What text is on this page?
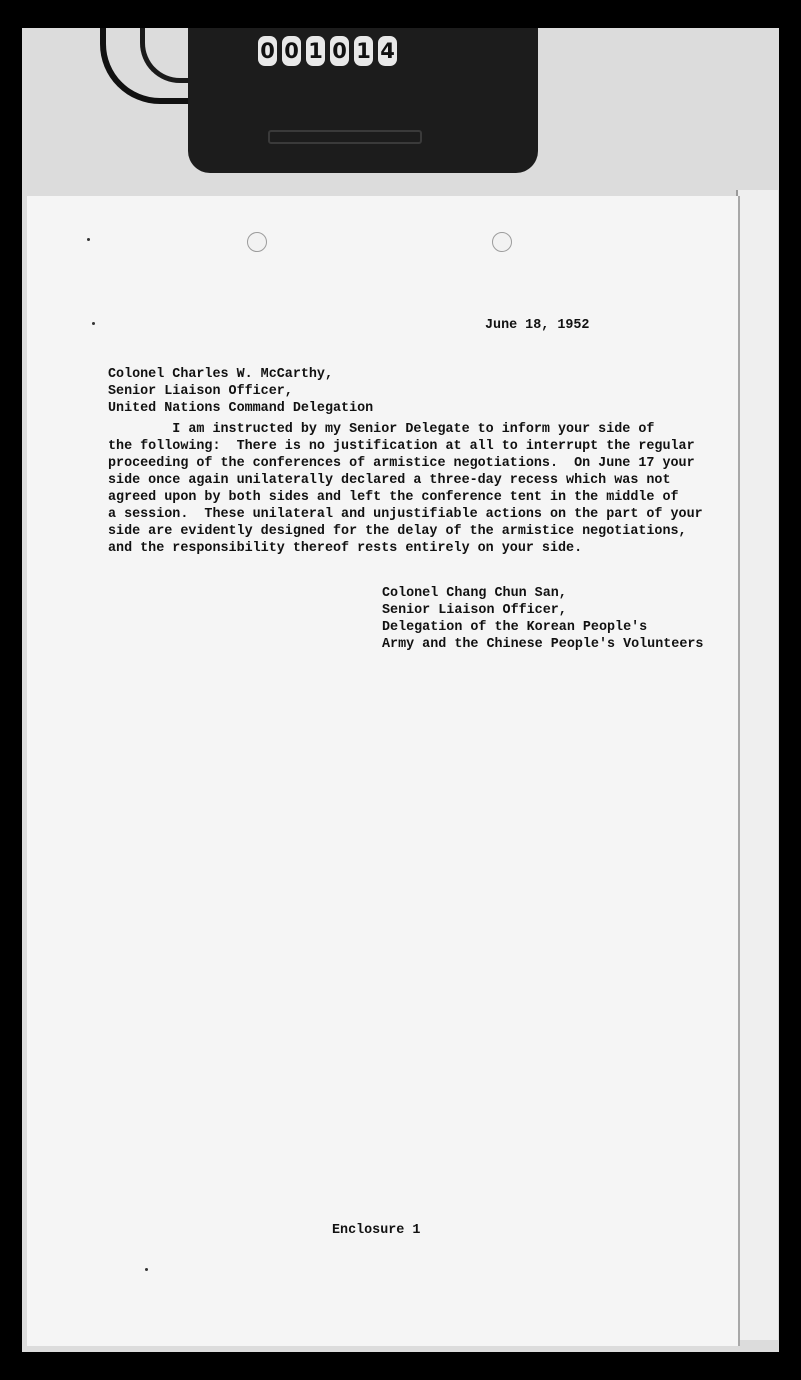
0 0 1 0 1 4

June 18, 1952

Colonel Charles W. McCarthy,

Senior Liaison Officer,

United Nations Command Delegation

I am instructed by my Senior Delegate to inform your side of

the following:  There is no justification at all to interrupt the regular

proceeding of the conferences of armistice negotiations.  On June 17 your

side once again unilaterally declared a three-day recess which was not

agreed upon by both sides and left the conference tent in the middle of

a session.  These unilateral and unjustifiable actions on the part of your

side are evidently designed for the delay of the armistice negotiations,

and the responsibility thereof rests entirely on your side.

Colonel Chang Chun San,

Senior Liaison Officer,

Delegation of the Korean People's

Army and the Chinese People's Volunteers

Enclosure 1
